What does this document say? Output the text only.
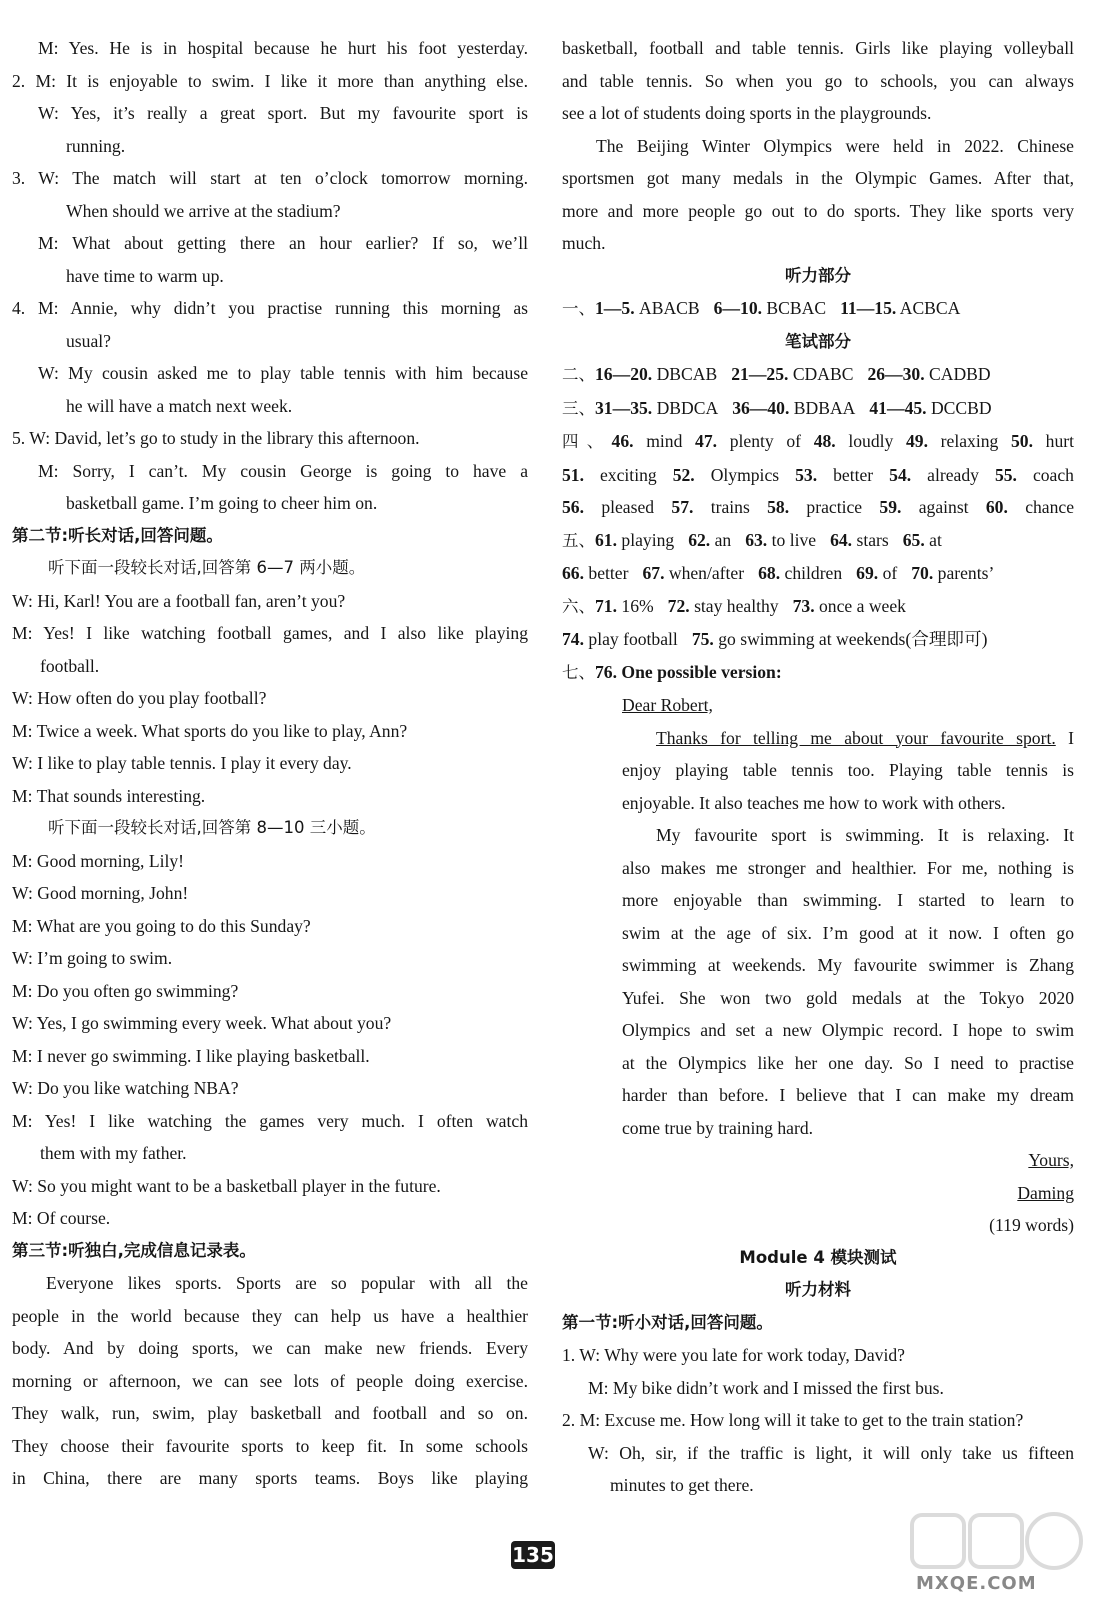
M: Yes. He is in hospital because he hurt his foot yesterday.

2. M: It is enjoyable to swim. I like it more than anything else.

W: Yes, it’s really a great sport. But my favourite sport is

running.

3. W: The match will start at ten o’clock tomorrow morning.

When should we arrive at the stadium?

M: What about getting there an hour earlier? If so, we’ll

have time to warm up.

4. M: Annie, why didn’t you practise running this morning as

usual?

W: My cousin asked me to play table tennis with him because

he will have a match next week.

5. W: David, let’s go to study in the library this afternoon.

M: Sorry, I can’t. My cousin George is going to have a

basketball game. I’m going to cheer him on.

第二节:听长对话,回答问题。

听下面一段较长对话,回答第 6—7 两小题。

W: Hi, Karl! You are a football fan, aren’t you?

M: Yes! I like watching football games, and I also like playing

football.

W: How often do you play football?

M: Twice a week. What sports do you like to play, Ann?

W: I like to play table tennis. I play it every day.

M: That sounds interesting.

听下面一段较长对话,回答第 8—10 三小题。

M: Good morning, Lily!

W: Good morning, John!

M: What are you going to do this Sunday?

W: I’m going to swim.

M: Do you often go swimming?

W: Yes, I go swimming every week. What about you?

M: I never go swimming. I like playing basketball.

W: Do you like watching NBA?

M: Yes! I like watching the games very much. I often watch

them with my father.

W: So you might want to be a basketball player in the future.

M: Of course.

第三节:听独白,完成信息记录表。

Everyone likes sports. Sports are so popular with all the

people in the world because they can help us have a healthier

body. And by doing sports, we can make new friends. Every

morning or afternoon, we can see lots of people doing exercise.

They walk, run, swim, play basketball and football and so on.

They choose their favourite sports to keep fit. In some schools

in China, there are many sports teams. Boys like playing

basketball, football and table tennis. Girls like playing volleyball

and table tennis. So when you go to schools, you can always

see a lot of students doing sports in the playgrounds.

The Beijing Winter Olympics were held in 2022. Chinese

sportsmen got many medals in the Olympic Games. After that,

more and more people go out to do sports. They like sports very

much.

听力部分

一、1—5. ABACB 6—10. BCBAC 11—15. ACBCA

笔试部分

二、16—20. DBCAB 21—25. CDABC 26—30. CADBD

三、31—35. DBDCA 36—40. BDBAA 41—45. DCCBD

四、46. mind 47. plenty of 48. loudly 49. relaxing 50. hurt

51. exciting 52. Olympics 53. better 54. already 55. coach

56. pleased 57. trains 58. practice 59. against 60. chance

五、61. playing 62. an 63. to live 64. stars 65. at

66. better 67. when/after 68. children 69. of 70. parents’

六、71. 16% 72. stay healthy 73. once a week

74. play football 75. go swimming at weekends(合理即可)

七、76. One possible version:

Dear Robert,

Thanks for telling me about your favourite sport. I

enjoy playing table tennis too. Playing table tennis is

enjoyable. It also teaches me how to work with others.

My favourite sport is swimming. It is relaxing. It

also makes me stronger and healthier. For me, nothing is

more enjoyable than swimming. I started to learn to

swim at the age of six. I’m good at it now. I often go

swimming at weekends. My favourite swimmer is Zhang

Yufei. She won two gold medals at the Tokyo 2020

Olympics and set a new Olympic record. I hope to swim

at the Olympics like her one day. So I need to practise

harder than before. I believe that I can make my dream

come true by training hard.

Yours,

Daming

(119 words)

Module 4 模块测试

听力材料

第一节:听小对话,回答问题。

1. W: Why were you late for work today, David?

M: My bike didn’t work and I missed the first bus.

2. M: Excuse me. How long will it take to get to the train station?

W: Oh, sir, if the traffic is light, it will only take us fifteen

minutes to get there.

135
MXQE.COM
